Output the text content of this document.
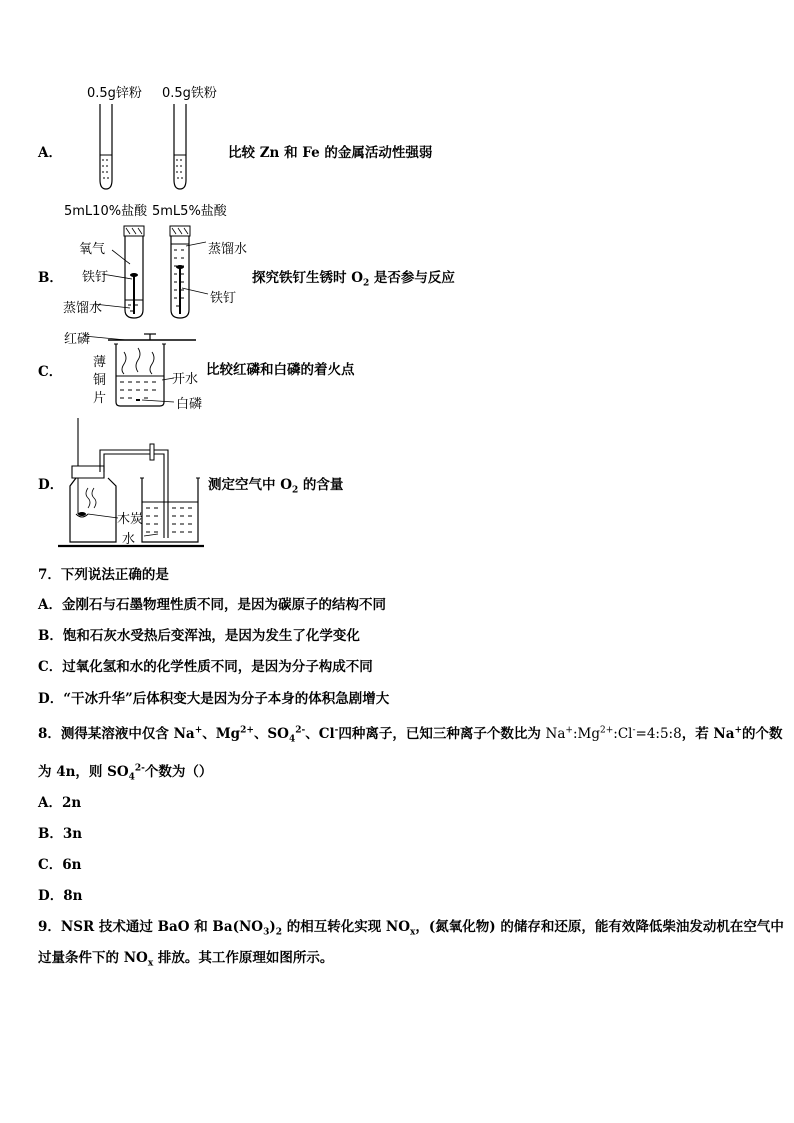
0.5g锌粉 0.5g铁粉
A．	比较 Zn 和 Fe 的金属活动性强弱
5mL10%盐酸 5mL5%盐酸
氧气	蒸馏水
B． 铁钉
蒸馏水
铁钉
探究铁钉生锈时 $O_2$ 是否参与反应
红磷
薄
铜
片
C．	比较红磷和白磷的着火点
开水
白磷
D．	测定空气中 $O_2$ 的含量
木炭
水
7．下列说法正确的是
A．金刚石与石墨物理性质不同，是因为碳原子的结构不同
B．饱和石灰水受热后变浑浊，是因为发生了化学变化
C．过氧化氢和水的化学性质不同，是因为分子构成不同
D．“干冰升华”后体积变大是因为分子本身的体积急剧增大
8．测得某溶液中仅含 Na+、$Mg^{2+}$、$SO_4^{2-}$、Cl-四种离子，已知三种离子个数比为 $Na^+:Mg^{2+}:Cl^-=4:5:8$，若 Na+的个数
为 4n，则 $SO_4^{2-}$个数为（）
A．2n
B．3n
C．6n
D．8n
9．NSR 技术通过 BaO 和 $Ba(NO_3)_2$ 的相互转化实现 $NO_x$，(氮氧化物) 的储存和还原，能有效降低柴油发动机在空气中
过量条件下的 $NO_x$ 排放。其工作原理如图所示。
